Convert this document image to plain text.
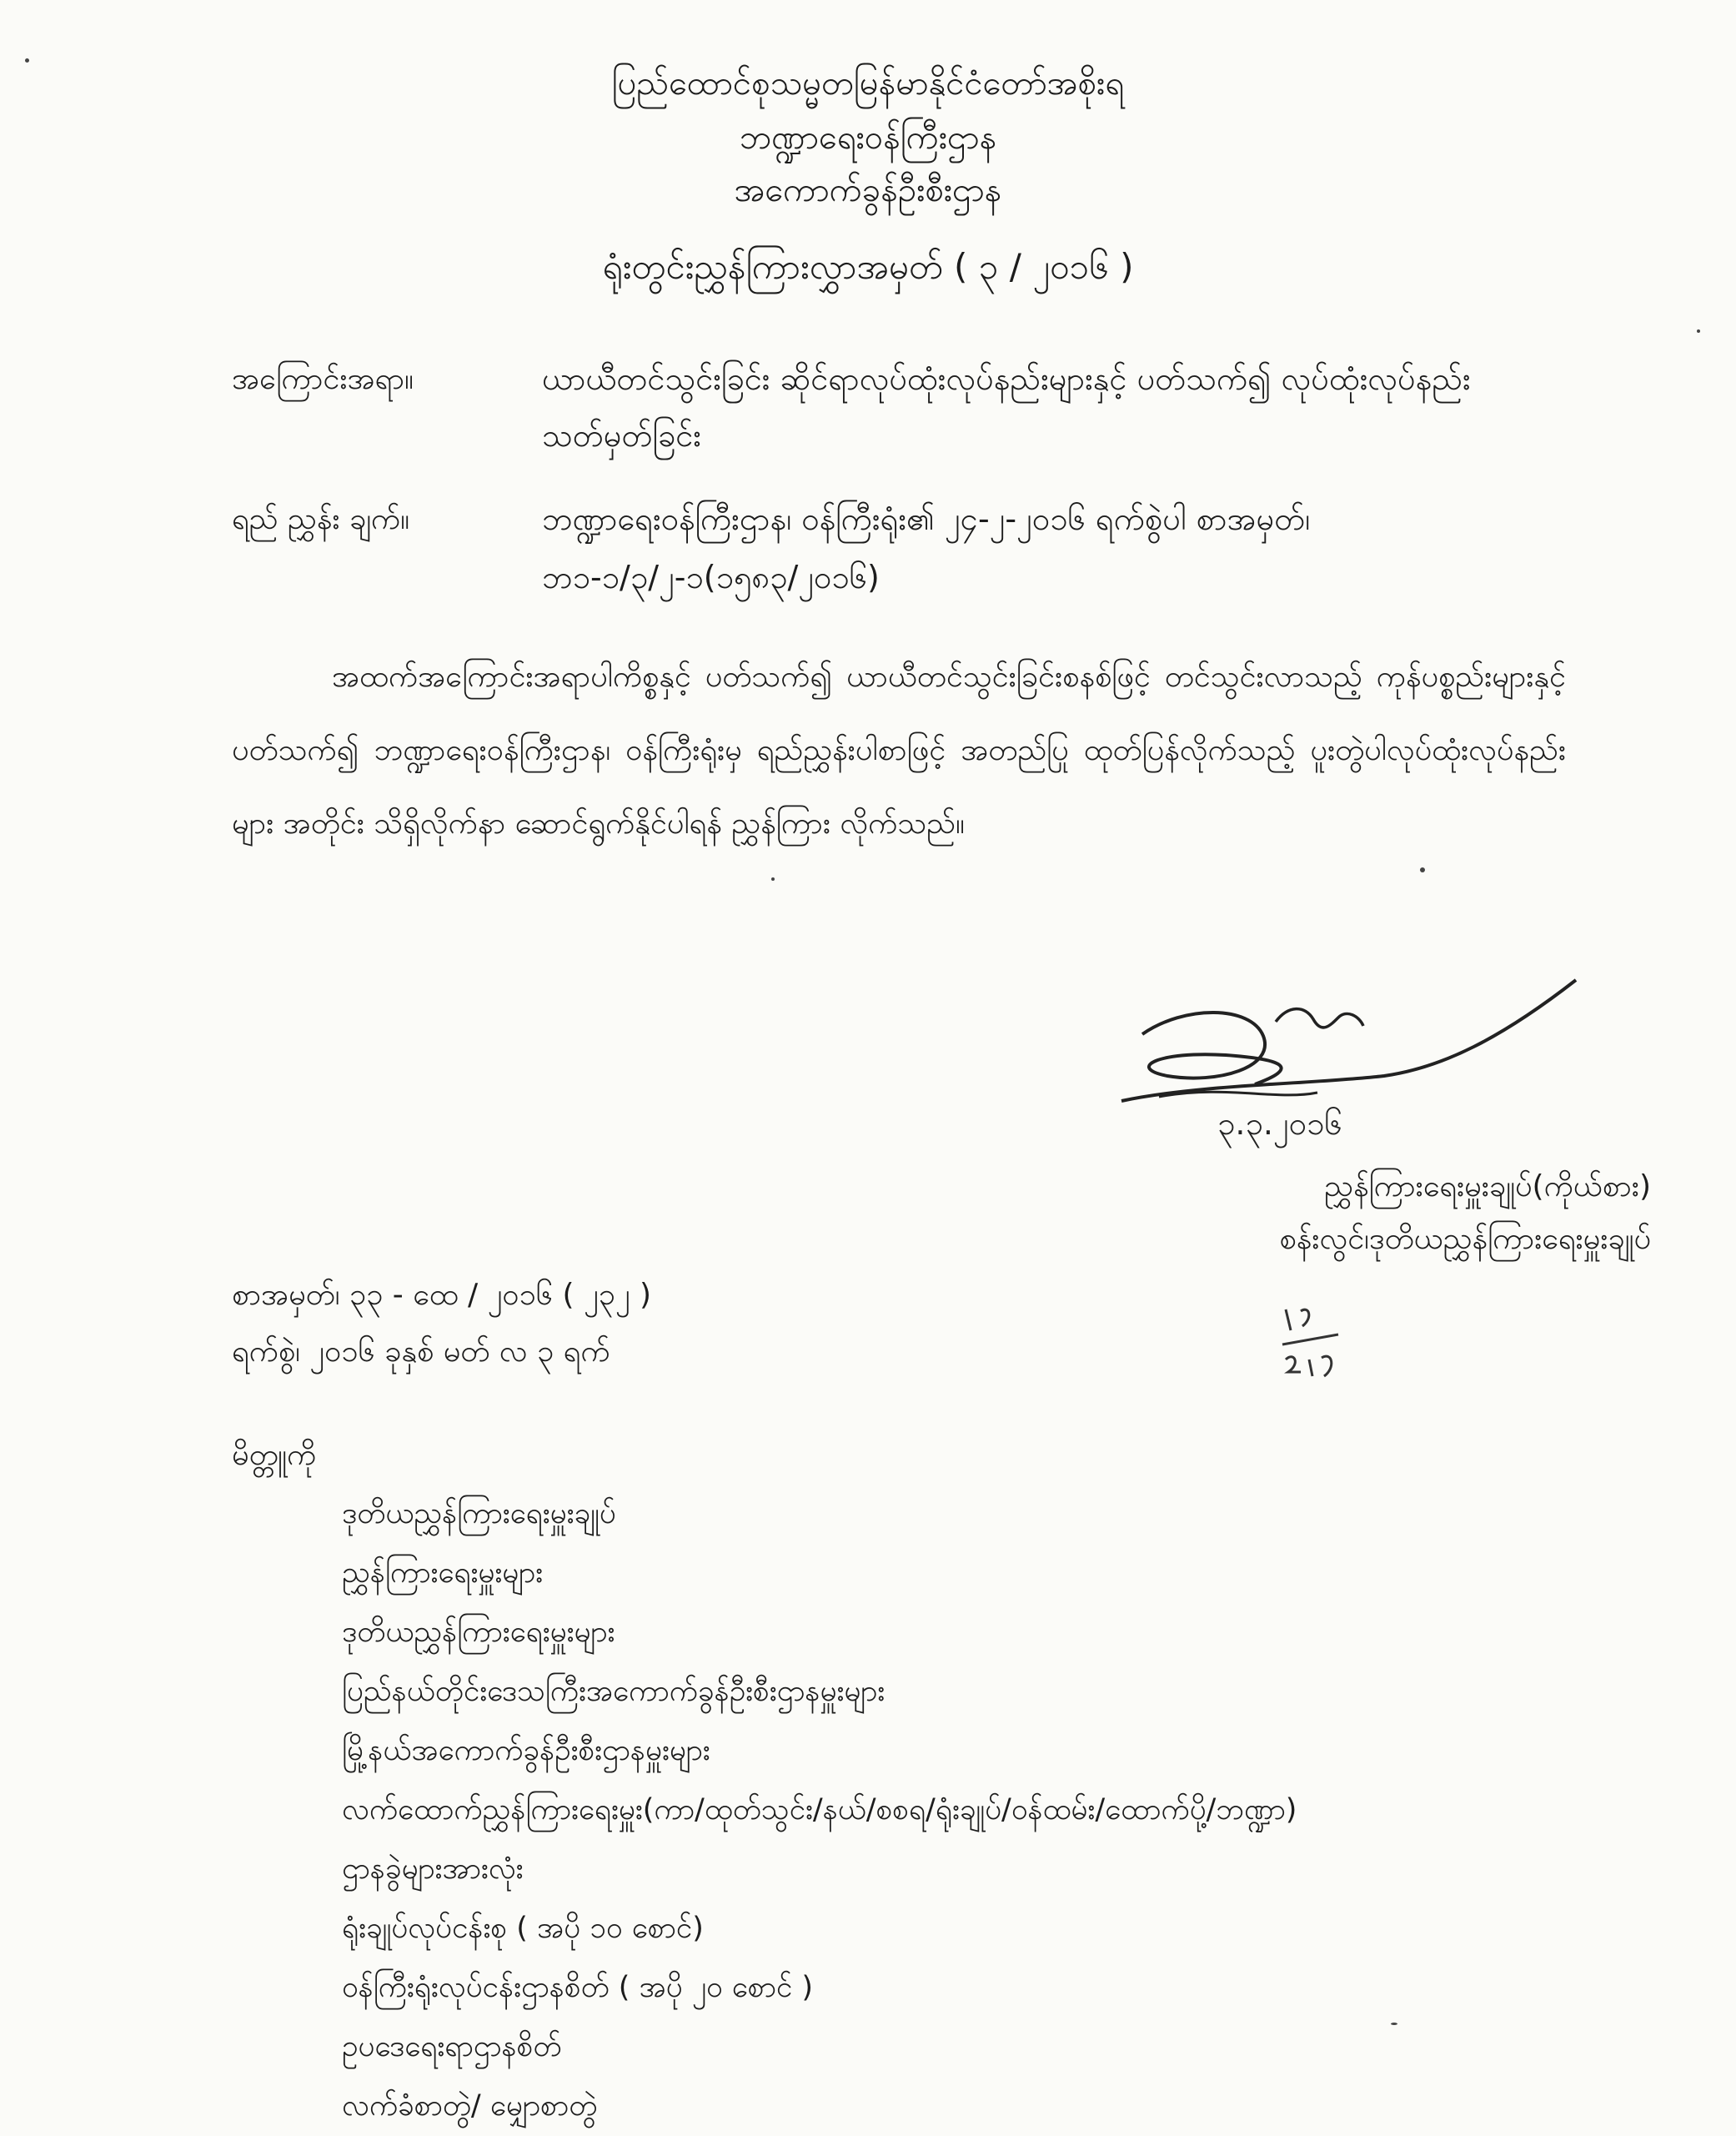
ပြည်ထောင်စုသမ္မတမြန်မာနိုင်ငံတော်အစိုးရ
ဘဏ္ဍာရေးဝန်ကြီးဌာန
အကောက်ခွန်ဦးစီးဌာန
ရုံးတွင်းညွှန်ကြားလွှာအမှတ် ( ၃ / ၂၀၁၆ )
အကြောင်းအရာ။	ယာယီတင်သွင်းခြင်း ဆိုင်ရာလုပ်ထုံးလုပ်နည်းများနှင့် ပတ်သက်၍ လုပ်ထုံးလုပ်နည်းသတ်မှတ်ခြင်း
ရည် ညွှန်း ချက်။	ဘဏ္ဍာရေးဝန်ကြီးဌာန၊ ဝန်ကြီးရုံး၏ ၂၄-၂-၂၀၁၆ ရက်စွဲပါ စာအမှတ်၊
ဘ၁-၁/၃/၂-၁(၁၅၈၃/၂၀၁၆)
အထက်အကြောင်းအရာပါကိစ္စနှင့် ပတ်သက်၍ ယာယီတင်သွင်းခြင်းစနစ်ဖြင့် တင်သွင်းလာသည့် ကုန်ပစ္စည်းများနှင့်ပတ်သက်၍ ဘဏ္ဍာရေးဝန်ကြီးဌာန၊ ဝန်ကြီးရုံးမှ ရည်ညွှန်းပါစာဖြင့် အတည်ပြု ထုတ်ပြန်လိုက်သည့် ပူးတွဲပါလုပ်ထုံးလုပ်နည်းများ အတိုင်း သိရှိလိုက်နာ ဆောင်ရွက်နိုင်ပါရန် ညွှန်ကြား လိုက်သည်။
၃.၃.၂၀၁၆
ညွှန်ကြားရေးမှူးချုပ်(ကိုယ်စား)
စန်းလွင်၊ဒုတိယညွှန်ကြားရေးမှူးချုပ်
စာအမှတ်၊ ၃၃ - ထေ / ၂၀၁၆ ( ၂၃၂ )
ရက်စွဲ၊ ၂၀၁၆ ခုနှစ် မတ် လ ၃ ရက်
မိတ္တူကို
ဒုတိယညွှန်ကြားရေးမှူးချုပ်
ညွှန်ကြားရေးမှူးများ
ဒုတိယညွှန်ကြားရေးမှူးများ
ပြည်နယ်တိုင်းဒေသကြီးအကောက်ခွန်ဦးစီးဌာနမှူးများ
မြို့နယ်အကောက်ခွန်ဦးစီးဌာနမှူးများ
လက်ထောက်ညွှန်ကြားရေးမှူး(ကာ/ထုတ်သွင်း/နယ်/စစရ/ရုံးချုပ်/ဝန်ထမ်း/ထောက်ပို့/ဘဏ္ဍာ)
ဌာနခွဲများအားလုံး
ရုံးချုပ်လုပ်ငန်းစု ( အပို ၁၀ စောင်)
ဝန်ကြီးရုံးလုပ်ငန်းဌာနစိတ် ( အပို ၂၀ စောင် )
ဥပဒေရေးရာဌာနစိတ်
လက်ခံစာတွဲ/ မျှောစာတွဲ
